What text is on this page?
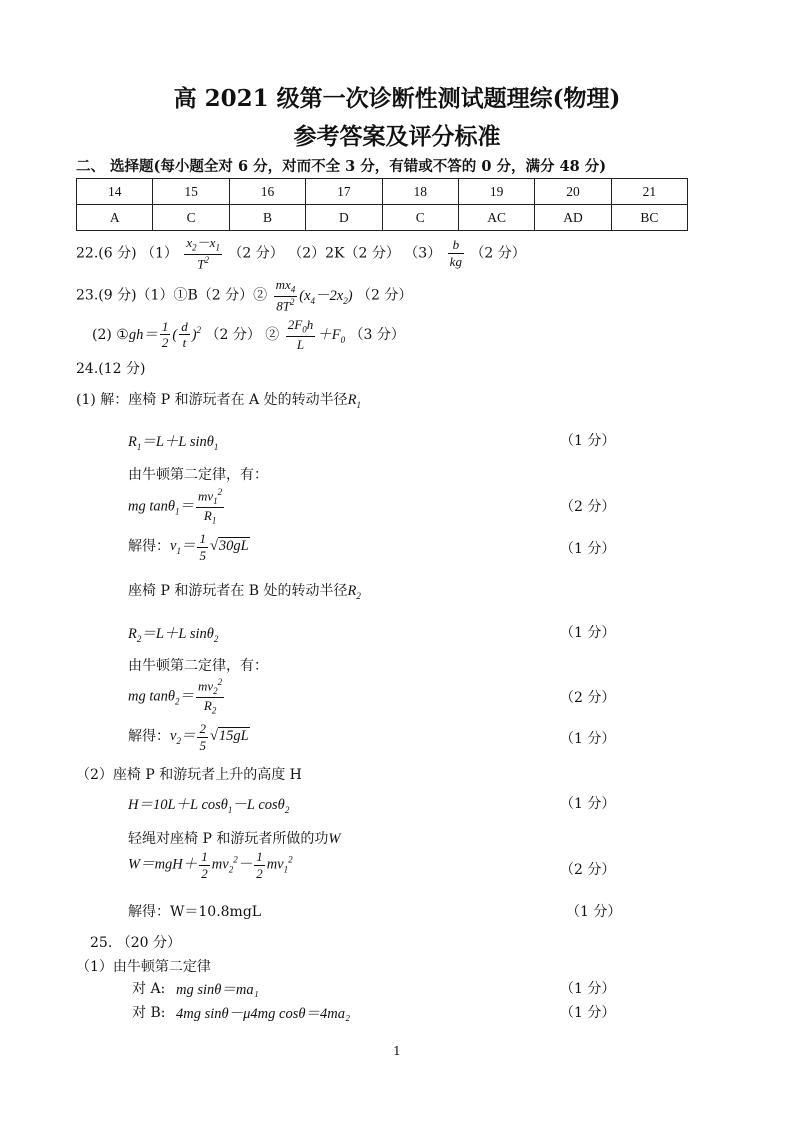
高 2021 级第一次诊断性测试题理综(物理)
参考答案及评分标准
二、 选择题(每小题全对 6 分，对而不全 3 分，有错或不答的 0 分，满分 48 分)
14	15	16	17	18	19	20	21
A	C	B	D	C	AC	AD	BC
22.(6 分) $(1) \frac{x_2-x_1}{T^2} (2$ 分） （2）2K（2 分） $(3) \frac{b}{kg} (2$ 分）
23.(9 分)（1）①B（2 分）② $\frac{mx_4}{8T^2} (x_4-2x_2)$ （2 分）
(2) ①gh＝ $\frac{1}{2}$ ( $\frac{d}{t} )^2$ （2 分） ② $\frac{2F_0h}{L} +F_0$ （3 分）
24.(12 分)
(1) 解：座椅 P 和游玩者在 A 处的转动半径$R_1$
$R_1=L+L$ sinθ$_1$	（1 分）
由牛顿第二定律，有：
mg $\tan\theta_1= \frac{mv_1^2}{R_1}$	（2 分）
解得：$v_1= \frac{1}{5} √30gL$	（1 分）
座椅 P 和游玩者在 B 处的转动半径$R_2$
$R_2=L+L$ sinθ$_2$	（1 分）
由牛顿第二定律，有：
mg $\tan\theta_2= \frac{mv_2^2}{R_2}$	（2 分）
解得：$v_2= \frac{2}{5} √15gL$	（1 分）
（2）座椅 P 和游玩者上升的高度 H
H＝10L＋L cosθ$_1$－L cosθ$_2$	（1 分）
轻绳对座椅 P 和游玩者所做的功W
$W=mgH+ \frac{1}{2} mv_2^2- \frac{1}{2} mv_1^2$
（2 分）
解得：W＝10.8mgL	（1 分）
25. （20 分）
（1）由牛顿第二定律
对 A: mg sinθ＝ma₁	（1 分）
对 B: 4mg sinθ－μ4mg cosθ＝4ma₂	（1 分）
1
